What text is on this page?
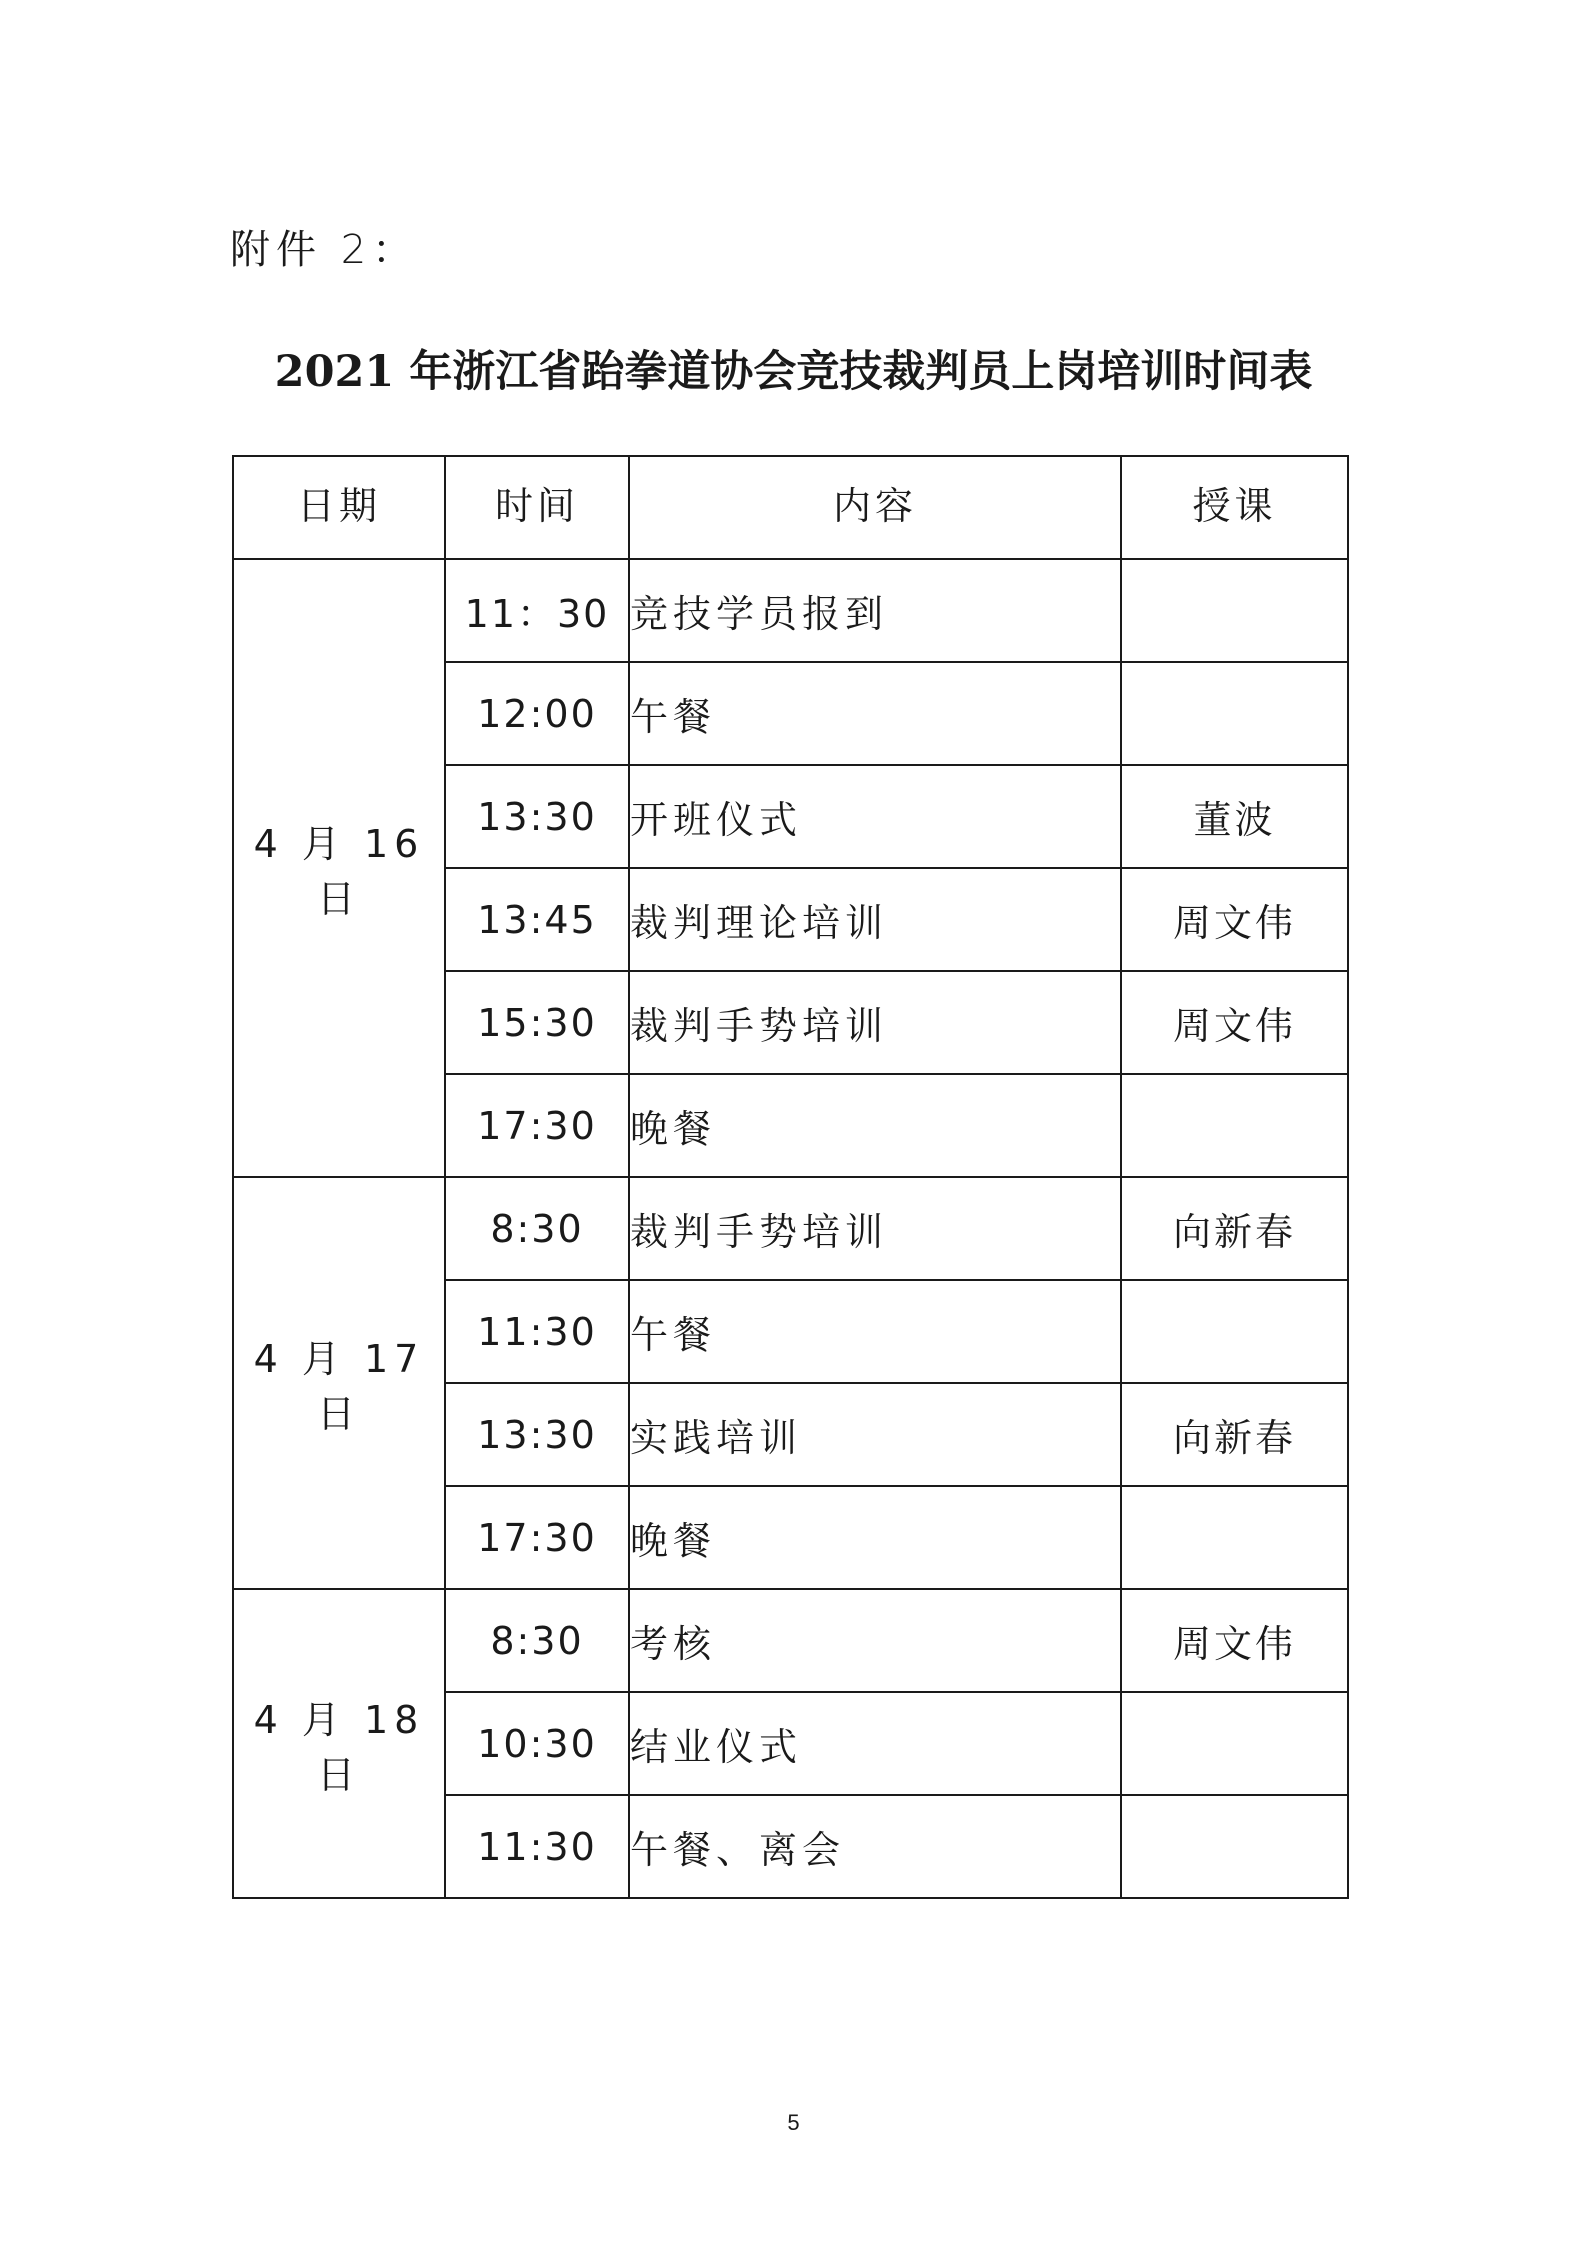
附件 2：
2021 年浙江省跆拳道协会竞技裁判员上岗培训时间表
日期	时间	内容	授课
4 月 16 日	11：30	竞技学员报到	
	12:00	午餐	
	13:30	开班仪式	董波
	13:45	裁判理论培训	周文伟
	15:30	裁判手势培训	周文伟
	17:30	晚餐	
4 月 17 日	8:30	裁判手势培训	向新春
	11:30	午餐	
	13:30	实践培训	向新春
	17:30	晚餐	
4 月 18 日	8:30	考核	周文伟
	10:30	结业仪式	
	11:30	午餐、离会	
5
